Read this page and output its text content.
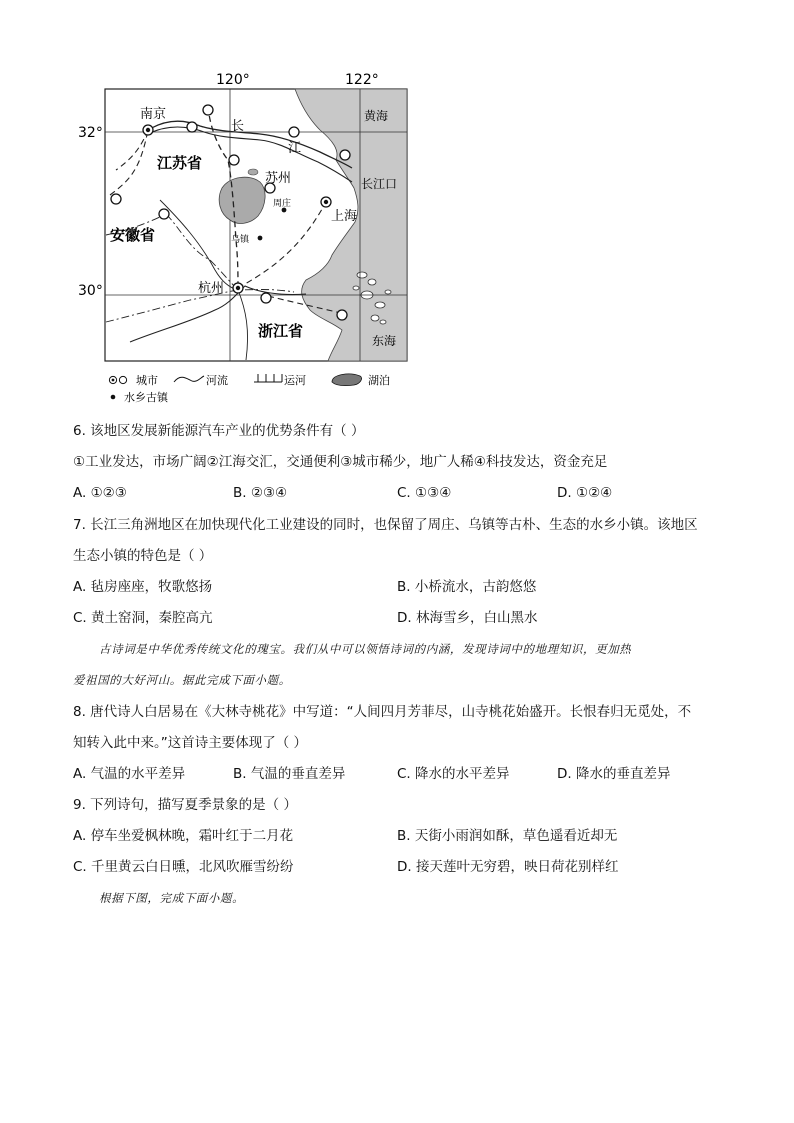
120°	122°
32°
30°
南京
长
江
黄海
江苏省
苏州
周庄
上海
长江口
安徽省	乌镇
杭州
浙江省
东海
城市	河流	运河	湖泊
水乡古镇
6. 该地区发展新能源汽车产业的优势条件有（ ）
①工业发达，市场广阔②江海交汇，交通便利③城市稀少，地广人稀④科技发达，资金充足
A. ①②③	B. ②③④	C. ①③④	D. ①②④
7. 长江三角洲地区在加快现代化工业建设的同时，也保留了周庄、乌镇等古朴、生态的水乡小镇。该地区
生态小镇的特色是（ ）
A. 毡房座座，牧歌悠扬	B. 小桥流水，古韵悠悠
C. 黄土窑洞，秦腔高亢	D. 林海雪乡，白山黑水
古诗词是中华优秀传统文化的瑰宝。我们从中可以领悟诗词的内涵，发现诗词中的地理知识，更加热
爱祖国的大好河山。据此完成下面小题。
8. 唐代诗人白居易在《大林寺桃花》中写道：“人间四月芳菲尽，山寺桃花始盛开。长恨春归无觅处，不
知转入此中来。”这首诗主要体现了（ ）
A. 气温的水平差异	B. 气温的垂直差异	C. 降水的水平差异	D. 降水的垂直差异
9. 下列诗句，描写夏季景象的是（ ）
A. 停车坐爱枫林晚，霜叶红于二月花	B. 天街小雨润如酥，草色遥看近却无
C. 千里黄云白日曛，北风吹雁雪纷纷	D. 接天莲叶无穷碧，映日荷花别样红
根据下图，完成下面小题。
